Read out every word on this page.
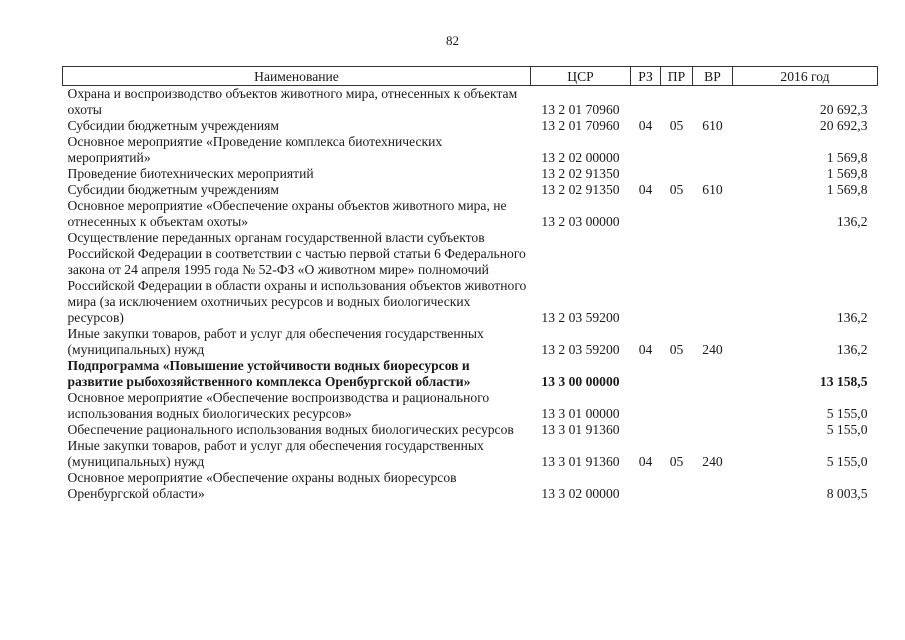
82
Наименование	ЦСР	РЗ	ПР	ВР	2016 год
Охрана и воспроизводство объектов животного мира, отнесенных к объектам охоты	13 2 01 70960				20 692,3
Субсидии бюджетным учреждениям	13 2 01 70960	04	05	610	20 692,3
Основное мероприятие «Проведение комплекса биотехнических мероприятий»	13 2 02 00000				1 569,8
Проведение биотехнических мероприятий	13 2 02 91350				1 569,8
Субсидии бюджетным учреждениям	13 2 02 91350	04	05	610	1 569,8
Основное мероприятие «Обеспечение охраны объектов животного мира, не отнесенных к объектам охоты»	13 2 03 00000				136,2
Осуществление переданных органам государственной власти субъектов Российской Федерации в соответствии с частью первой статьи 6 Федерального закона от 24 апреля 1995 года № 52-ФЗ «О животном мире» полномочий Российской Федерации в области охраны и использования объектов животного мира (за исключением охотничьих ресурсов и водных биологических ресурсов)	13 2 03 59200				136,2
Иные закупки товаров, работ и услуг для обеспечения государственных (муниципальных) нужд	13 2 03 59200	04	05	240	136,2
Подпрограмма «Повышение устойчивости водных биоресурсов и развитие рыбохозяйственного комплекса Оренбургской области»	13 3 00 00000				13 158,5
Основное мероприятие «Обеспечение воспроизводства и рационального использования водных биологических ресурсов»	13 3 01 00000				5 155,0
Обеспечение рационального использования водных биологических ресурсов	13 3 01 91360				5 155,0
Иные закупки товаров, работ и услуг для обеспечения государственных (муниципальных) нужд	13 3 01 91360	04	05	240	5 155,0
Основное мероприятие «Обеспечение охраны водных биоресурсов Оренбургской области»	13 3 02 00000				8 003,5
